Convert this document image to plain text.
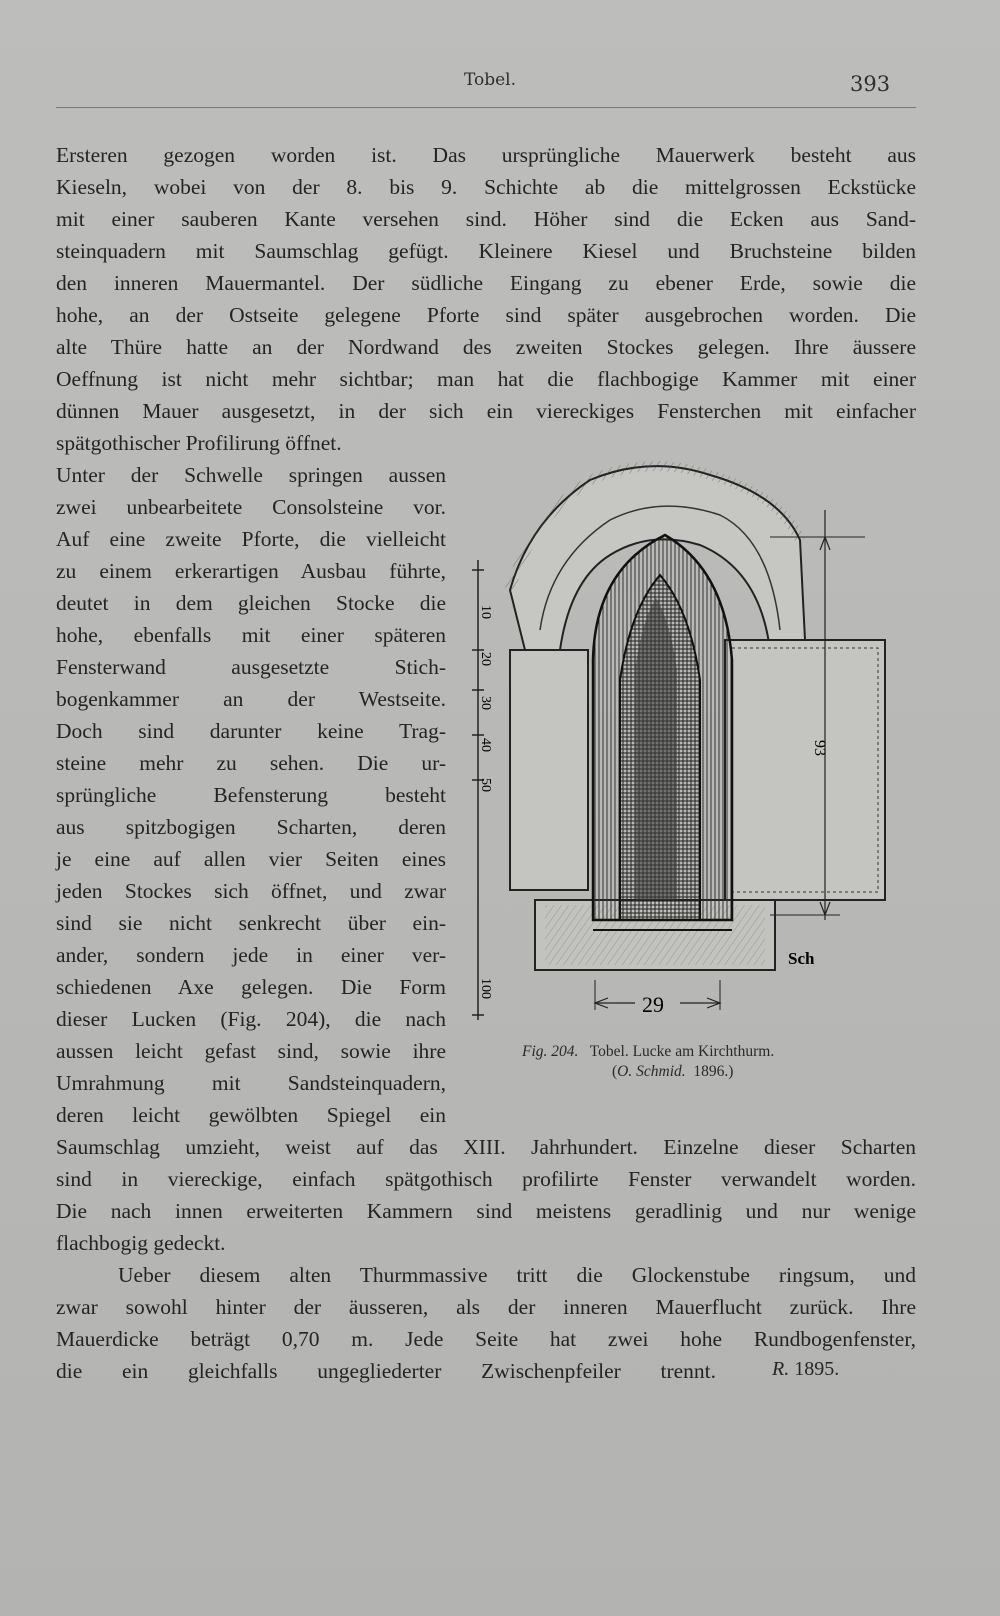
Tobel.	393
Ersteren gezogen worden ist. Das ursprüngliche Mauerwerk besteht aus
Kieseln, wobei von der 8. bis 9. Schichte ab die mittelgrossen Eckstücke
mit einer sauberen Kante versehen sind. Höher sind die Ecken aus Sand-
steinquadern mit Saumschlag gefügt. Kleinere Kiesel und Bruchsteine bilden
den inneren Mauermantel. Der südliche Eingang zu ebener Erde, sowie die
hohe, an der Ostseite gelegene Pforte sind später ausgebrochen worden. Die
alte Thüre hatte an der Nordwand des zweiten Stockes gelegen. Ihre äussere
Oeffnung ist nicht mehr sichtbar; man hat die flachbogige Kammer mit einer
dünnen Mauer ausgesetzt, in der sich ein viereckiges Fensterchen mit einfacher
spätgothischer Profilirung öffnet.
Unter der Schwelle springen aussen
zwei unbearbeitete Consolsteine vor.
Auf eine zweite Pforte, die vielleicht
zu einem erkerartigen Ausbau führte,
deutet in dem gleichen Stocke die
hohe, ebenfalls mit einer späteren
Fensterwand ausgesetzte Stich-
bogenkammer an der Westseite.
Doch sind darunter keine Trag-
steine mehr zu sehen. Die ur-
sprüngliche Befensterung besteht
aus spitzbogigen Scharten, deren
je eine auf allen vier Seiten eines
jeden Stockes sich öffnet, und zwar
sind sie nicht senkrecht über ein-
ander, sondern jede in einer ver-
schiedenen Axe gelegen. Die Form
dieser Lucken (Fig. 204), die nach
aussen leicht gefast sind, sowie ihre
Umrahmung mit Sandsteinquadern,
deren leicht gewölbten Spiegel ein
Saumschlag umzieht, weist auf das XIII. Jahrhundert. Einzelne dieser Scharten
sind in viereckige, einfach spätgothisch profilirte Fenster verwandelt worden.
Die nach innen erweiterten Kammern sind meistens geradlinig und nur wenige
flachbogig gedeckt.
Ueber diesem alten Thurmmassive tritt die Glockenstube ringsum, und
zwar sowohl hinter der äusseren, als der inneren Mauerflucht zurück. Ihre
Mauerdicke beträgt 0,70 m. Jede Seite hat zwei hohe Rundbogenfenster,
die ein gleichfalls ungegliederter Zwischenpfeiler trennt.	R. 1895.
10
20
30
40
50
100
93
29
Sch
Fig. 204. Tobel. Lucke am Kirchthurm.
(O. Schmid. 1896.)
